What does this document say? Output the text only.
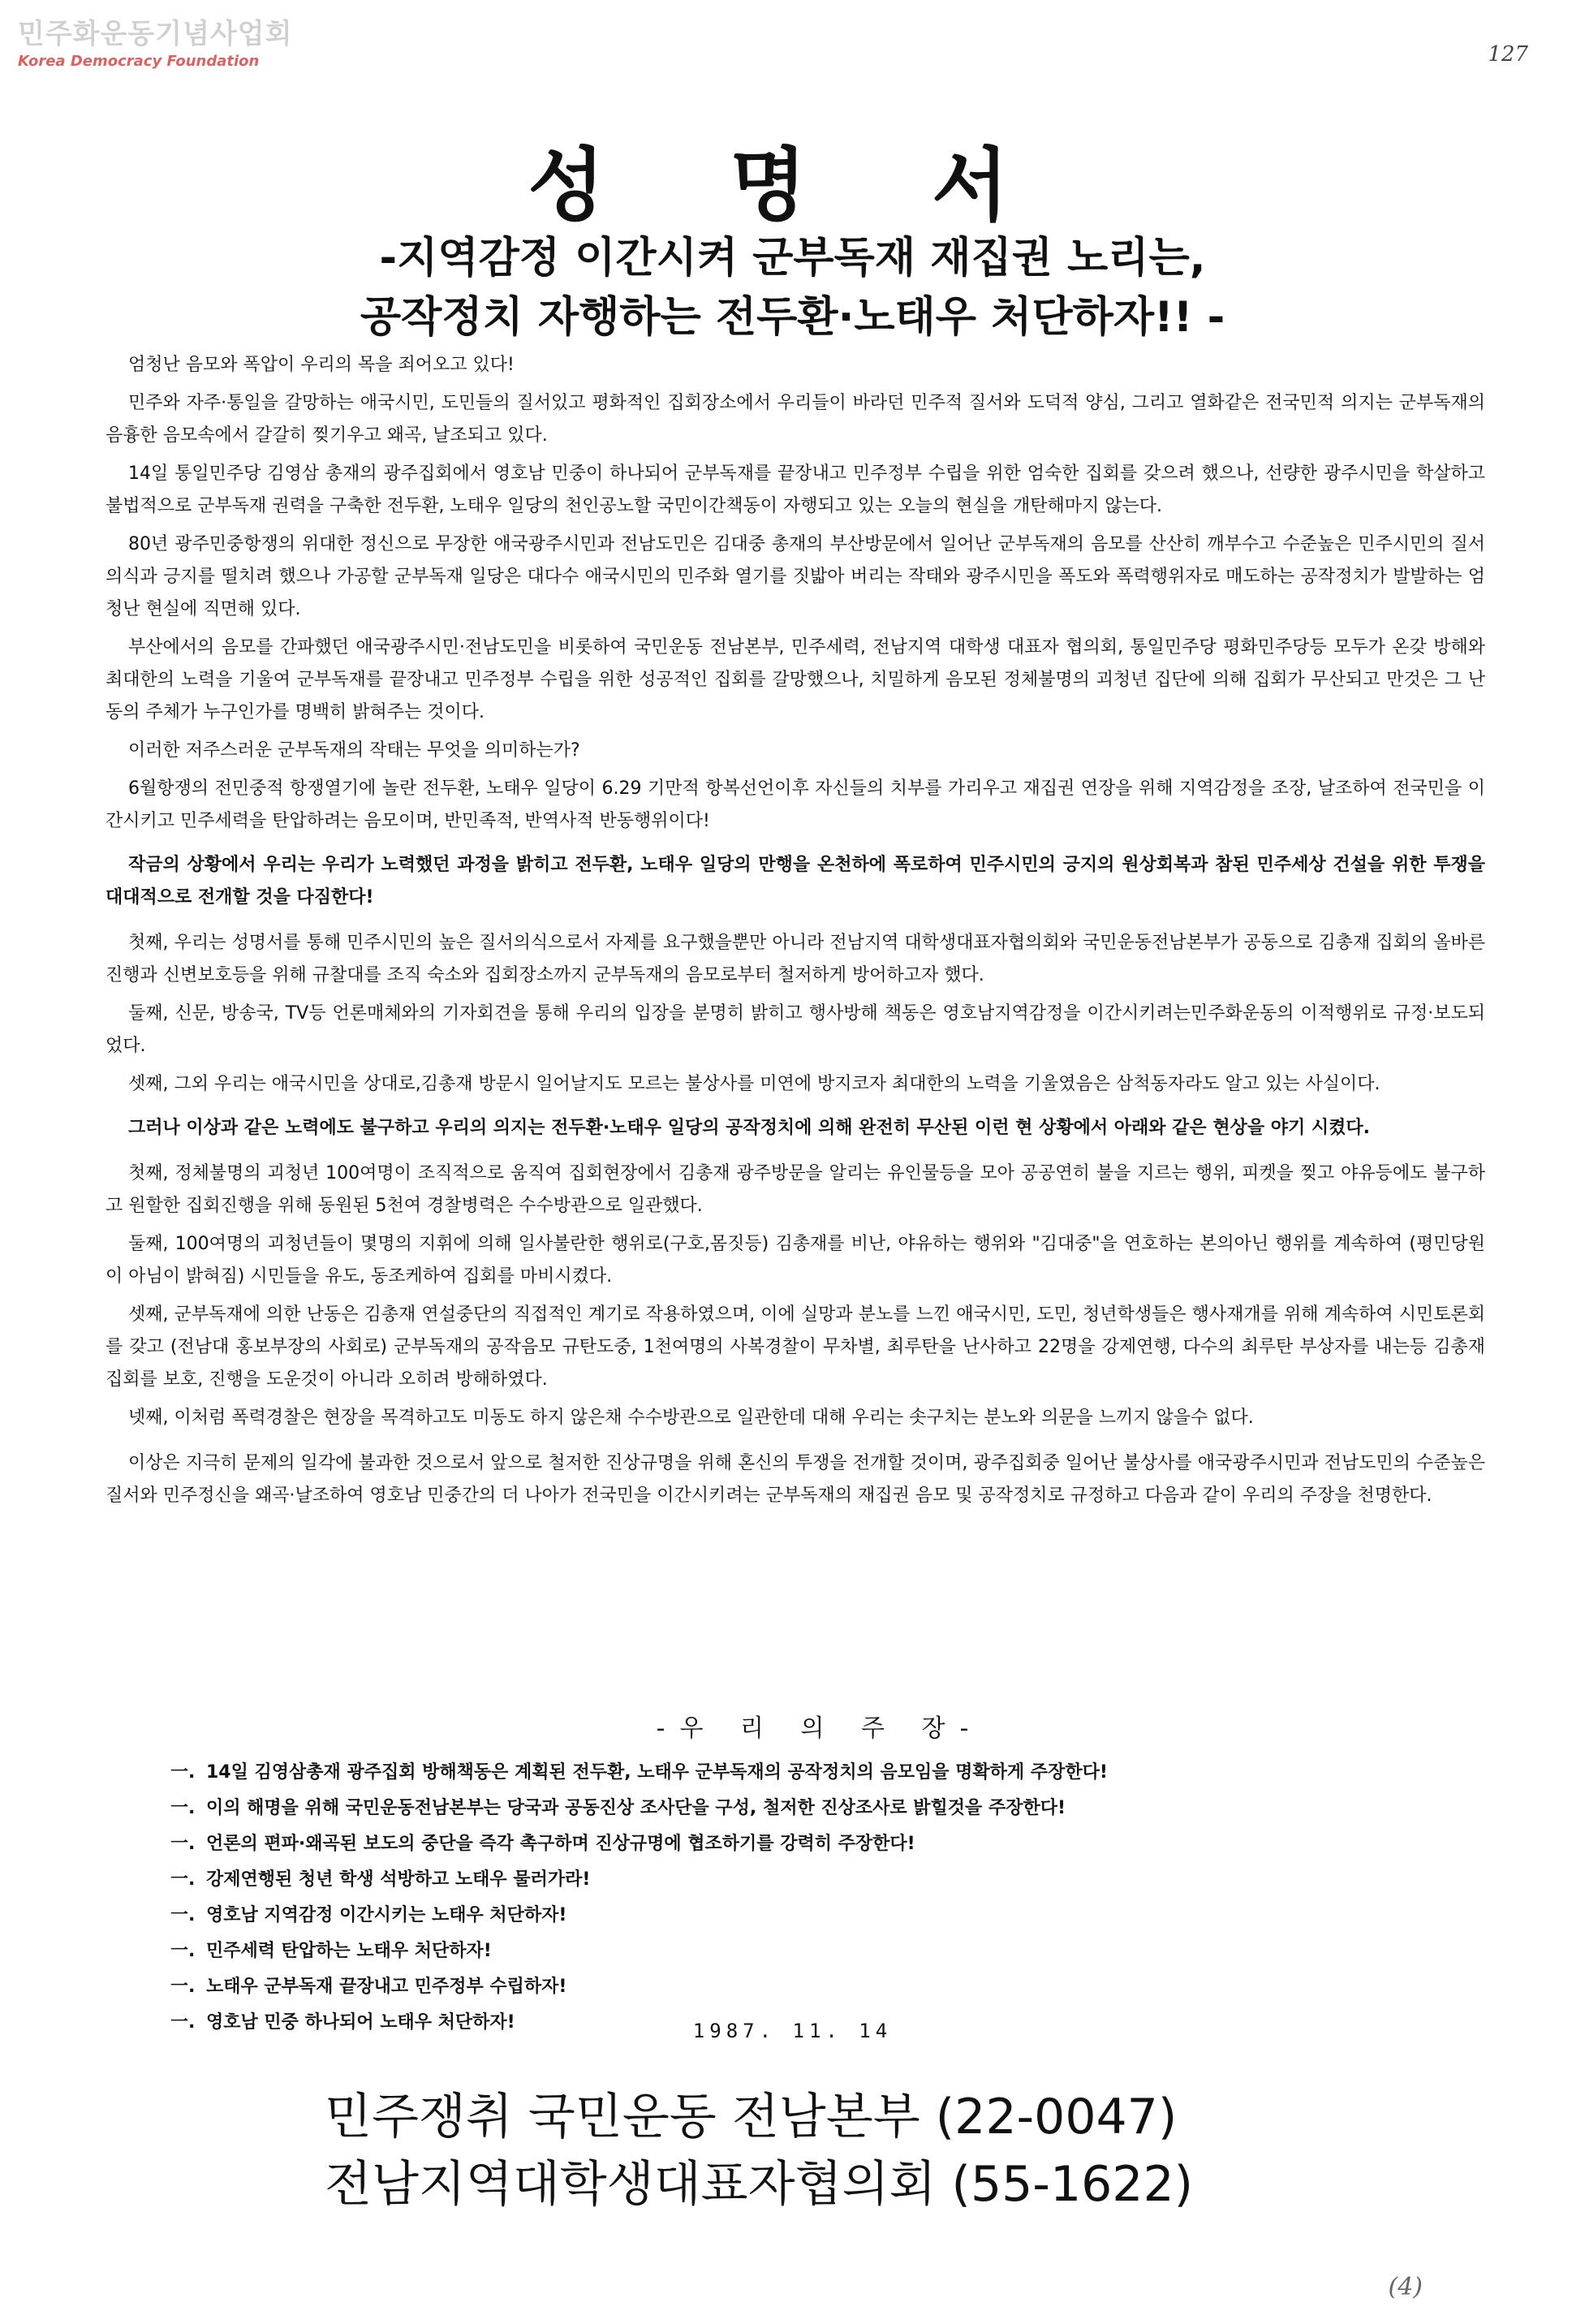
민주화운동기념사업회
Korea Democracy Foundation	127
성 명 서
-지역감정 이간시켜 군부독재 재집권 노리는,
공작정치 자행하는 전두환·노태우 처단하자!! -

엄청난 음모와 폭압이 우리의 목을 죄어오고 있다!

민주와 자주·통일을 갈망하는 애국시민, 도민들의 질서있고 평화적인 집회장소에서 우리들이 바라던 민주적 질서와 도덕적 양심, 그리고 열화같은 전국민적 의지는 군부독재의 음흉한 음모속에서 갈갈히 찢기우고 왜곡, 날조되고 있다.

14일 통일민주당 김영삼 총재의 광주집회에서 영호남 민중이 하나되어 군부독재를 끝장내고 민주정부 수립을 위한 엄숙한 집회를 갖으려 했으나, 선량한 광주시민을 학살하고 불법적으로 군부독재 권력을 구축한 전두환, 노태우 일당의 천인공노할 국민이간책동이 자행되고 있는 오늘의 현실을 개탄해마지 않는다.

80년 광주민중항쟁의 위대한 정신으로 무장한 애국광주시민과 전남도민은 김대중 총재의 부산방문에서 일어난 군부독재의 음모를 산산히 깨부수고 수준높은 민주시민의 질서의식과 긍지를 떨치려 했으나 가공할 군부독재 일당은 대다수 애국시민의 민주화 열기를 짓밟아 버리는 작태와 광주시민을 폭도와 폭력행위자로 매도하는 공작정치가 발발하는 엄청난 현실에 직면해 있다.

부산에서의 음모를 간파했던 애국광주시민·전남도민을 비롯하여 국민운동 전남본부, 민주세력, 전남지역 대학생 대표자 협의회, 통일민주당 평화민주당등 모두가 온갖 방해와 최대한의 노력을 기울여 군부독재를 끝장내고 민주정부 수립을 위한 성공적인 집회를 갈망했으나, 치밀하게 음모된 정체불명의 괴청년 집단에 의해 집회가 무산되고 만것은 그 난동의 주체가 누구인가를 명백히 밝혀주는 것이다.

이러한 저주스러운 군부독재의 작태는 무엇을 의미하는가?

6월항쟁의 전민중적 항쟁열기에 놀란 전두환, 노태우 일당이 6.29 기만적 항복선언이후 자신들의 치부를 가리우고 재집권 연장을 위해 지역감정을 조장, 날조하여 전국민을 이간시키고 민주세력을 탄압하려는 음모이며, 반민족적, 반역사적 반동행위이다!

작금의 상황에서 우리는 우리가 노력했던 과정을 밝히고 전두환, 노태우 일당의 만행을 온천하에 폭로하여 민주시민의 긍지의 원상회복과 참된 민주세상 건설을 위한 투쟁을 대대적으로 전개할 것을 다짐한다!

첫째, 우리는 성명서를 통해 민주시민의 높은 질서의식으로서 자제를 요구했을뿐만 아니라 전남지역 대학생대표자협의회와 국민운동전남본부가 공동으로 김총재 집회의 올바른 진행과 신변보호등을 위해 규찰대를 조직 숙소와 집회장소까지 군부독재의 음모로부터 철저하게 방어하고자 했다.

둘째, 신문, 방송국, TV등 언론매체와의 기자회견을 통해 우리의 입장을 분명히 밝히고 행사방해 책동은 영호남지역감정을 이간시키려는민주화운동의 이적행위로 규정·보도되었다.

셋째, 그외 우리는 애국시민을 상대로,김총재 방문시 일어날지도 모르는 불상사를 미연에 방지코자 최대한의 노력을 기울였음은 삼척동자라도 알고 있는 사실이다.

그러나 이상과 같은 노력에도 불구하고 우리의 의지는 전두환·노태우 일당의 공작정치에 의해 완전히 무산된 이런 현 상황에서 아래와 같은 현상을 야기 시켰다.

첫째, 정체불명의 괴청년 100여명이 조직적으로 움직여 집회현장에서 김총재 광주방문을 알리는 유인물등을 모아 공공연히 불을 지르는 행위, 피켓을 찢고 야유등에도 불구하고 원할한 집회진행을 위해 동원된 5천여 경찰병력은 수수방관으로 일관했다.

둘째, 100여명의 괴청년들이 몇명의 지휘에 의해 일사불란한 행위로(구호,몸짓등) 김총재를 비난, 야유하는 행위와 "김대중"을 연호하는 본의아닌 행위를 계속하여 (평민당원이 아님이 밝혀짐) 시민들을 유도, 동조케하여 집회를 마비시켰다.

셋째, 군부독재에 의한 난동은 김총재 연설중단의 직접적인 계기로 작용하였으며, 이에 실망과 분노를 느낀 애국시민, 도민, 청년학생들은 행사재개를 위해 계속하여 시민토론회를 갖고 (전남대 홍보부장의 사회로) 군부독재의 공작음모 규탄도중, 1천여명의 사복경찰이 무차별, 최루탄을 난사하고 22명을 강제연행, 다수의 최루탄 부상자를 내는등 김총재 집회를 보호, 진행을 도운것이 아니라 오히려 방해하였다.

넷째, 이처럼 폭력경찰은 현장을 목격하고도 미동도 하지 않은채 수수방관으로 일관한데 대해 우리는 솟구치는 분노와 의문을 느끼지 않을수 없다.

이상은 지극히 문제의 일각에 불과한 것으로서 앞으로 철저한 진상규명을 위해 혼신의 투쟁을 전개할 것이며, 광주집회중 일어난 불상사를 애국광주시민과 전남도민의 수준높은 질서와 민주정신을 왜곡·날조하여 영호남 민중간의 더 나아가 전국민을 이간시키려는 군부독재의 재집권 음모 및 공작정치로 규정하고 다음과 같이 우리의 주장을 천명한다.

-우 리 의 주 장-
一. 14일 김영삼총재 광주집회 방해책동은 계획된 전두환, 노태우 군부독재의 공작정치의 음모임을 명확하게 주장한다!
一. 이의 해명을 위해 국민운동전남본부는 당국과 공동진상 조사단을 구성, 철저한 진상조사로 밝힐것을 주장한다!
一. 언론의 편파·왜곡된 보도의 중단을 즉각 촉구하며 진상규명에 협조하기를 강력히 주장한다!
一. 강제연행된 청년 학생 석방하고 노태우 물러가라!
一. 영호남 지역감정 이간시키는 노태우 처단하자!
一. 민주세력 탄압하는 노태우 처단하자!
一. 노태우 군부독재 끝장내고 민주정부 수립하자!
一. 영호남 민중 하나되어 노태우 처단하자!	1987. 11. 14
민주쟁취 국민운동 전남본부 (22-0047)
전남지역대학생대표자협의회 (55-1622)
(4)
